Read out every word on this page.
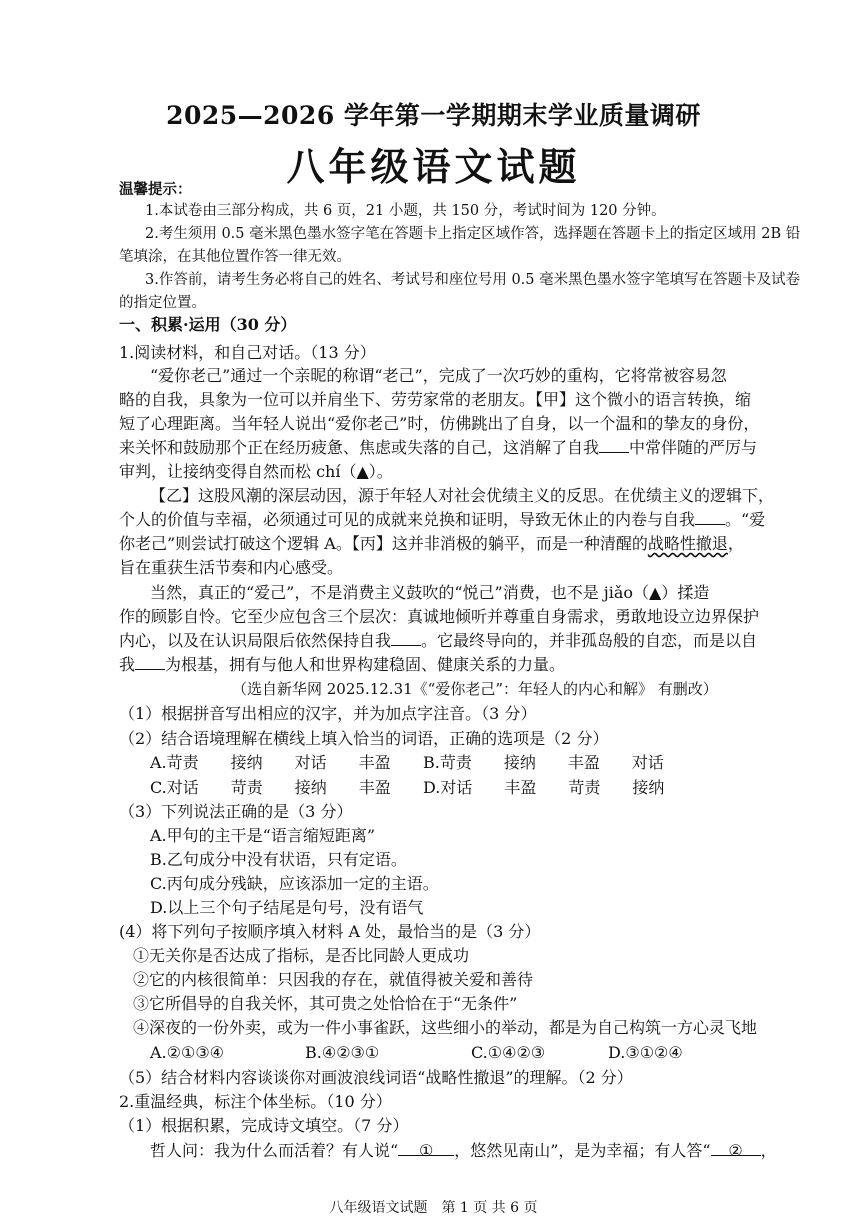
2025—2026 学年第一学期期末学业质量调研
八年级语文试题
温馨提示：
1.本试卷由三部分构成，共 6 页，21 小题，共 150 分，考试时间为 120 分钟。
2.考生须用 0.5 毫米黑色墨水签字笔在答题卡上指定区域作答，选择题在答题卡上的指定区域用 2B 铅
笔填涂，在其他位置作答一律无效。
3.作答前，请考生务必将自己的姓名、考试号和座位号用 0.5 毫米黑色墨水签字笔填写在答题卡及试卷
的指定位置。
一、积累·运用（30 分）
1.阅读材料，和自己对话。（13 分）
“爱你老己”通过一个亲昵的称谓“老己”，完成了一次巧妙的重构，它将常被容易忽
略的自我，具象为一位可以并肩坐下、劳劳家常的老朋友。【甲】这个微小的语言转换，缩
短了心理距离。当年轻人说出“爱你老己”时，仿佛跳出了自身，以一个温和的挚友的身份，
来关怀和鼓励那个正在经历疲惫、焦虑或失落的自己，这消解了自我 中常伴随的严厉与
审判，让接纳变得自然而松 chí（▲）。
【乙】这股风潮的深层动因，源于年轻人对社会优绩主义的反思。在优绩主义的逻辑下，
个人的价值与幸福，必须通过可见的成就来兑换和证明，导致无休止的内卷与自我 。“爱
你老己”则尝试打破这个逻辑 A。【丙】这并非消极的躺平，而是一种清醒的战略性撤退，
旨在重获生活节奏和内心感受。
当然，真正的“爱己”，不是消费主义鼓吹的“悦己”消费，也不是 jiǎo（▲）揉造
作的顾影自怜。它至少应包含三个层次：真诚地倾听并尊重自身需求，勇敢地设立边界保护
内心，以及在认识局限后依然保持自我 。它最终导向的，并非孤岛般的自恋，而是以自
我 为根基，拥有与他人和世界构建稳固、健康关系的力量。
（选自新华网 2025.12.31《“爱你老己”：年轻人的内心和解》 有删改）
（1）根据拼音写出相应的汉字，并为加点字注音。（3 分）
（2）结合语境理解在横线上填入恰当的词语，正确的选项是（2 分）
A.苛责　　接纳　　对话　　丰盈 B.苛责　　接纳　　丰盈　　对话
C.对话　　苛责　　接纳　　丰盈 D.对话　　丰盈　　苛责　　接纳
（3）下列说法正确的是（3 分）
A.甲句的主干是“语言缩短距离”
B.乙句成分中没有状语，只有定语。
C.丙句成分残缺，应该添加一定的主语。
D.以上三个句子结尾是句号，没有语气
(4）将下列句子按顺序填入材料 A 处，最恰当的是（3 分）
①无关你是否达成了指标，是否比同龄人更成功
②它的内核很简单：只因我的存在，就值得被关爱和善待
③它所倡导的自我关怀，其可贵之处恰恰在于“无条件”
④深夜的一份外卖，或为一件小事雀跃，这些细小的举动，都是为自己构筑一方心灵飞地
A.②①③④	B.④②③①	C.①④②③	D.③①②④
（5）结合材料内容谈谈你对画波浪线词语“战略性撤退”的理解。（2 分）
2.重温经典，标注个体坐标。（10 分）
（1）根据积累，完成诗文填空。（7 分）
哲人问：我为什么而活着？有人说“ ① ，悠然见南山”，是为幸福；有人答“ ② ，
八年级语文试题　第 1 页 共 6 页
